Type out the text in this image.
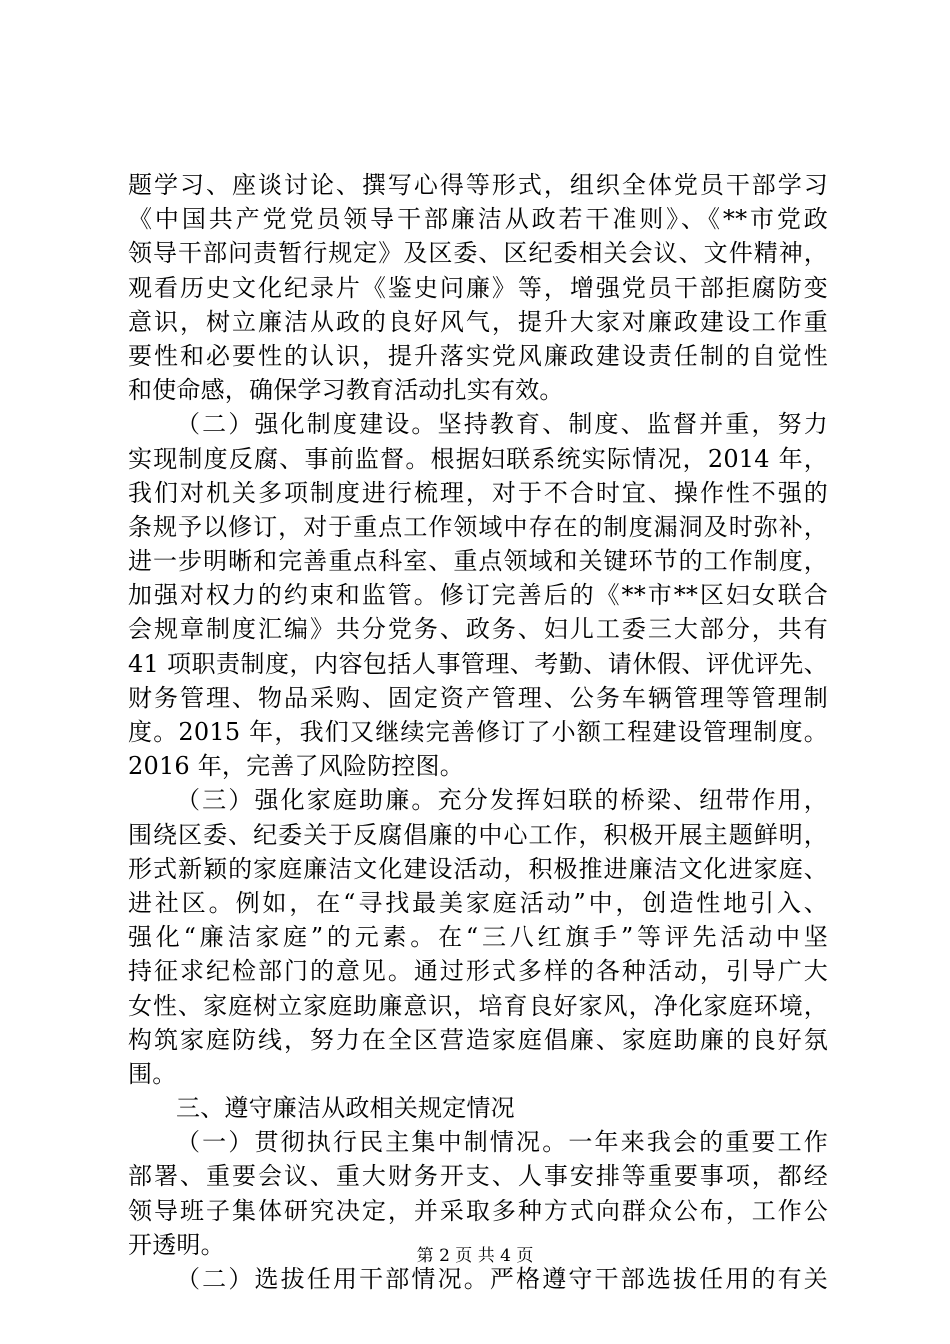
题学习、座谈讨论、撰写心得等形式，组织全体党员干部学习
《中国共产党党员领导干部廉洁从政若干准则》、《**市党政
领导干部问责暂行规定》及区委、区纪委相关会议、文件精神，
观看历史文化纪录片《鉴史问廉》等，增强党员干部拒腐防变
意识，树立廉洁从政的良好风气，提升大家对廉政建设工作重
要性和必要性的认识，提升落实党风廉政建设责任制的自觉性
和使命感，确保学习教育活动扎实有效。
（二）强化制度建设。坚持教育、制度、监督并重，努力
实现制度反腐、事前监督。根据妇联系统实际情况，2014 年，
我们对机关多项制度进行梳理，对于不合时宜、操作性不强的
条规予以修订，对于重点工作领域中存在的制度漏洞及时弥补，
进一步明晰和完善重点科室、重点领域和关键环节的工作制度，
加强对权力的约束和监管。修订完善后的《**市**区妇女联合
会规章制度汇编》共分党务、政务、妇儿工委三大部分，共有
41 项职责制度，内容包括人事管理、考勤、请休假、评优评先、
财务管理、物品采购、固定资产管理、公务车辆管理等管理制
度。2015 年，我们又继续完善修订了小额工程建设管理制度。
2016 年，完善了风险防控图。
（三）强化家庭助廉。充分发挥妇联的桥梁、纽带作用，
围绕区委、纪委关于反腐倡廉的中心工作，积极开展主题鲜明，
形式新颖的家庭廉洁文化建设活动，积极推进廉洁文化进家庭、
进社区。例如，在“寻找最美家庭活动”中，创造性地引入、
强化“廉洁家庭”的元素。在“三八红旗手”等评先活动中坚
持征求纪检部门的意见。通过形式多样的各种活动，引导广大
女性、家庭树立家庭助廉意识，培育良好家风，净化家庭环境，
构筑家庭防线，努力在全区营造家庭倡廉、家庭助廉的良好氛
围。
三、遵守廉洁从政相关规定情况
（一）贯彻执行民主集中制情况。一年来我会的重要工作
部署、重要会议、重大财务开支、人事安排等重要事项，都经
领导班子集体研究决定，并采取多种方式向群众公布，工作公
开透明。
（二）选拔任用干部情况。严格遵守干部选拔任用的有关
第 2 页 共 4 页
